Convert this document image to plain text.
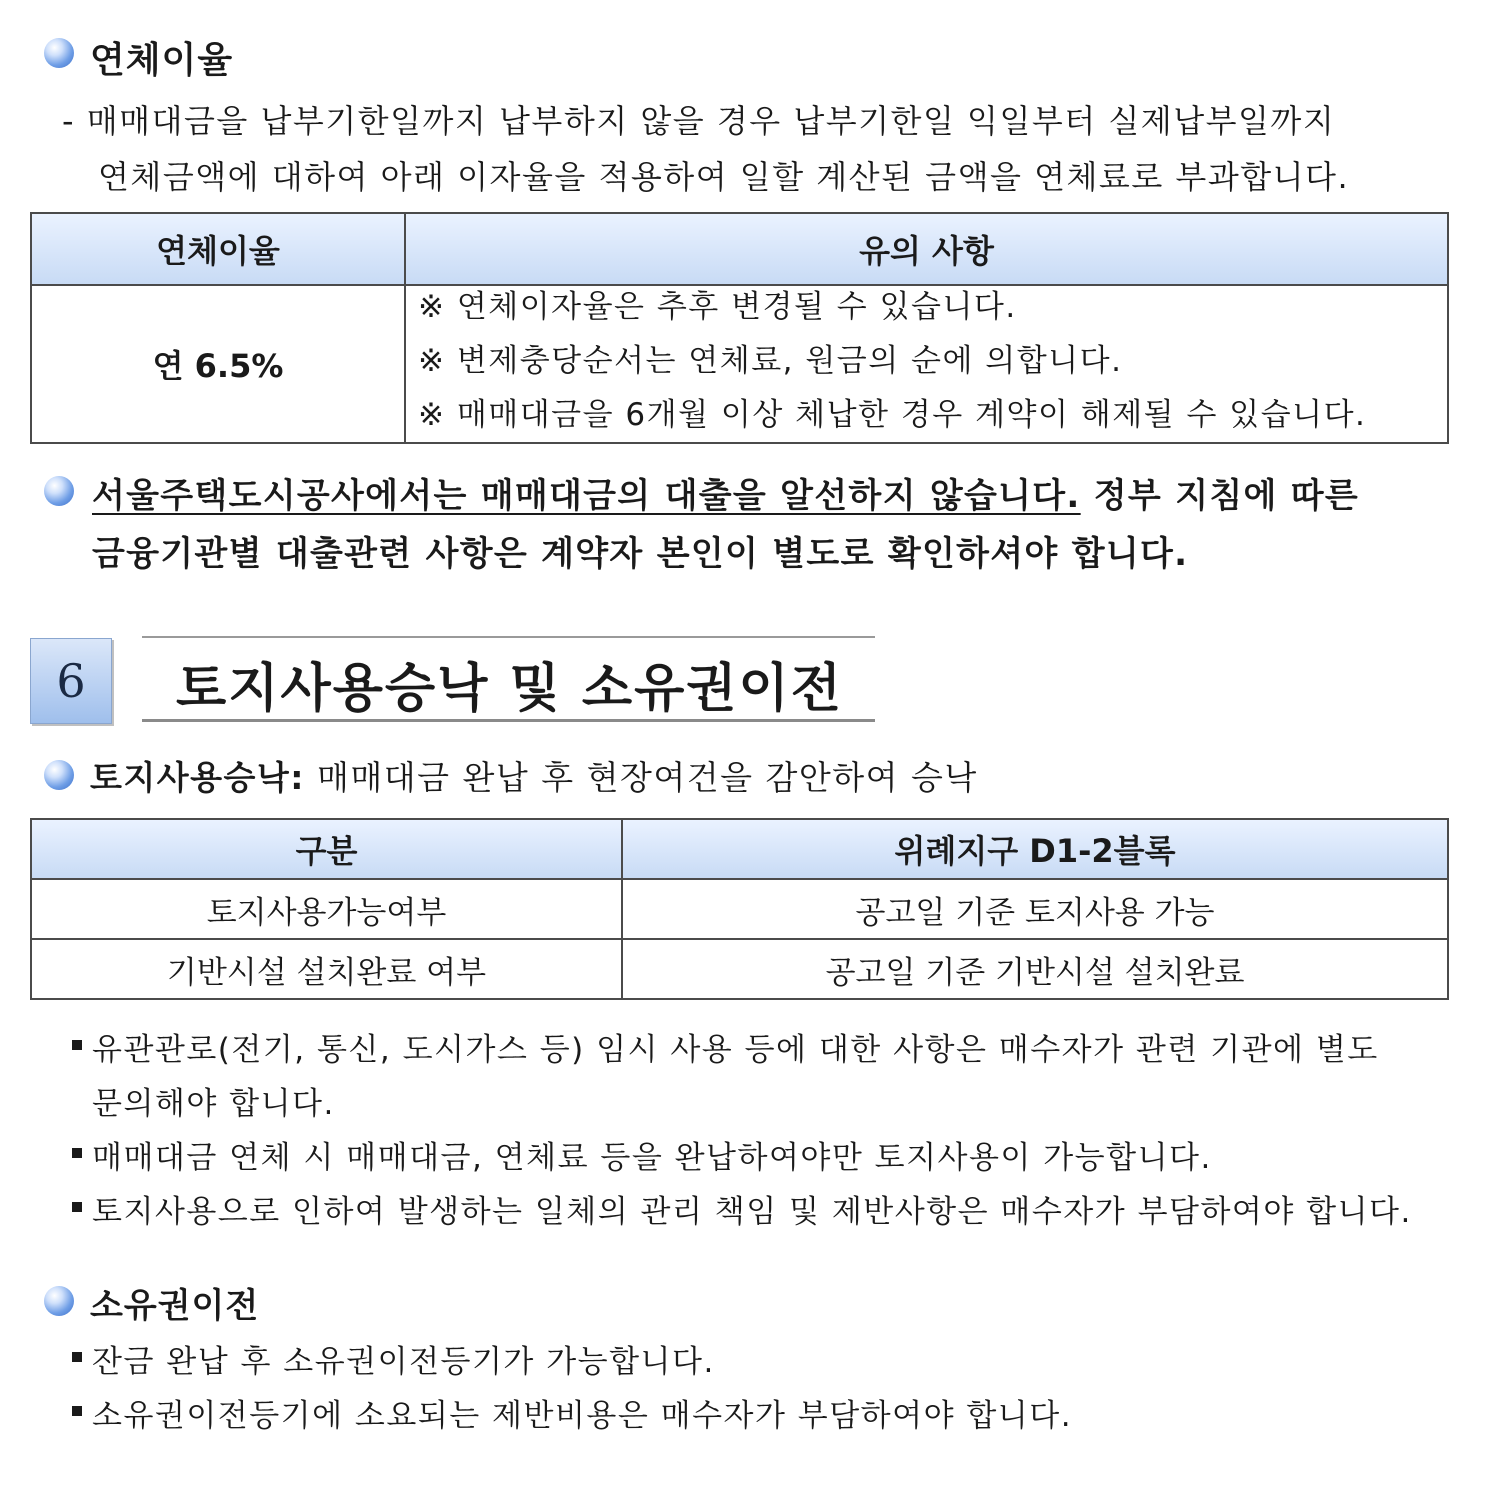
연체이율
- 매매대금을 납부기한일까지 납부하지 않을 경우 납부기한일 익일부터 실제납부일까지
연체금액에 대하여 아래 이자율을 적용하여 일할 계산된 금액을 연체료로 부과합니다.
연체이율	유의 사항
연 6.5%	※ 연체이자율은 추후 변경될 수 있습니다.
※ 변제충당순서는 연체료, 원금의 순에 의합니다.
※ 매매대금을 6개월 이상 체납한 경우 계약이 해제될 수 있습니다.
서울주택도시공사에서는 매매대금의 대출을 알선하지 않습니다. 정부 지침에 따른
금융기관별 대출관련 사항은 계약자 본인이 별도로 확인하셔야 합니다.
6	토지사용승낙 및 소유권이전
토지사용승낙: 매매대금 완납 후 현장여건을 감안하여 승낙
구분	위례지구 D1-2블록
토지사용가능여부	공고일 기준 토지사용 가능
기반시설 설치완료 여부	공고일 기준 기반시설 설치완료
유관관로(전기, 통신, 도시가스 등) 임시 사용 등에 대한 사항은 매수자가 관련 기관에 별도
문의해야 합니다.
매매대금 연체 시 매매대금, 연체료 등을 완납하여야만 토지사용이 가능합니다.
토지사용으로 인하여 발생하는 일체의 관리 책임 및 제반사항은 매수자가 부담하여야 합니다.
소유권이전
잔금 완납 후 소유권이전등기가 가능합니다.
소유권이전등기에 소요되는 제반비용은 매수자가 부담하여야 합니다.
